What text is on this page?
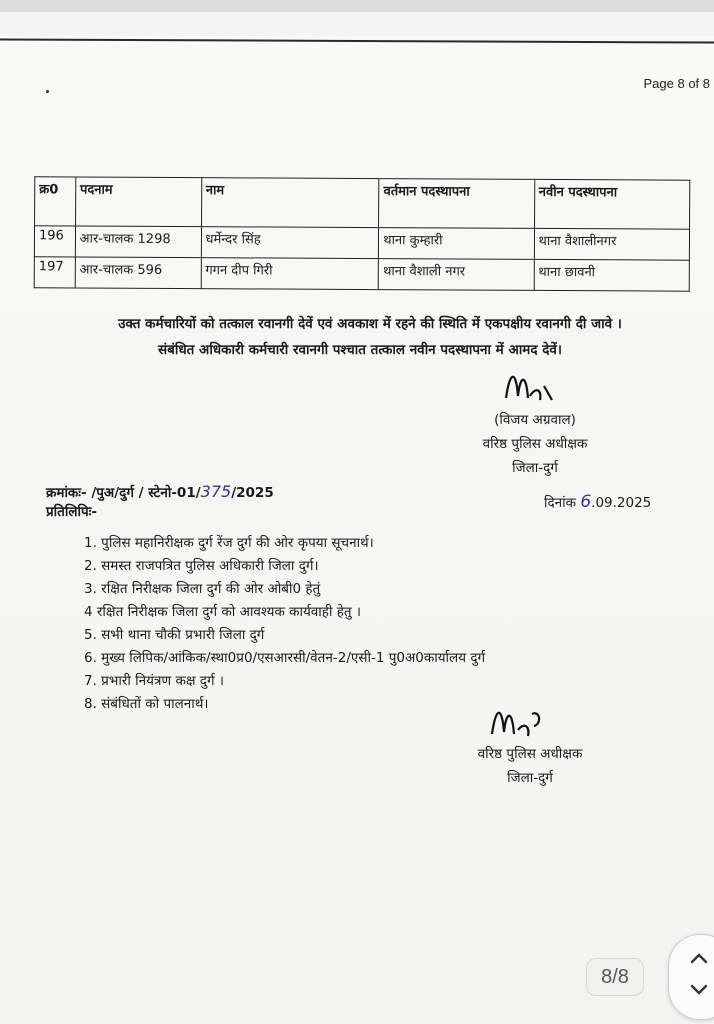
Page 8 of 8
क्र0	पदनाम	नाम	वर्तमान पदस्थापना	नवीन पदस्थापना
196	आर-चालक 1298	धर्मेन्दर सिंह	थाना कुम्हारी	थाना वैशालीनगर
197	आर-चालक 596	गगन दीप गिरी	थाना वैशाली नगर	थाना छावनी
उक्त कर्मचारियों को तत्काल रवानगी देवें एवं अवकाश में रहने की स्थिति में एकपक्षीय रवानगी दी जावे ।
संबंधित अधिकारी कर्मचारी रवानगी पश्चात तत्काल नवीन पदस्थापना में आमद देवें।
(विजय अग्रवाल)
वरिष्ठ पुलिस अधीक्षक
जिला-दुर्ग
क्रमांकः- /पुअ/दुर्ग / स्टेनो-01/375/2025
दिनांक 6.09.2025
प्रतिलिपिः-
1. पुलिस महानिरीक्षक दुर्ग रेंज दुर्ग की ओर कृपया सूचनार्थ।
2. समस्त राजपत्रित पुलिस अधिकारी जिला दुर्ग।
3. रक्षित निरीक्षक जिला दुर्ग की ओर ओबी0 हेतुं
4 रक्षित निरीक्षक जिला दुर्ग को आवश्यक कार्यवाही हेतु ।
5. सभी थाना चौकी प्रभारी जिला दुर्ग
6. मुख्य लिपिक/आंकिक/स्था0प्र0/एसआरसी/वेतन-2/एसी-1 पु0अ0कार्यालय दुर्ग
7. प्रभारी नियंत्रण कक्ष दुर्ग ।
8. संबंधितों को पालनार्थ।
वरिष्ठ पुलिस अधीक्षक
जिला-दुर्ग
8/8
